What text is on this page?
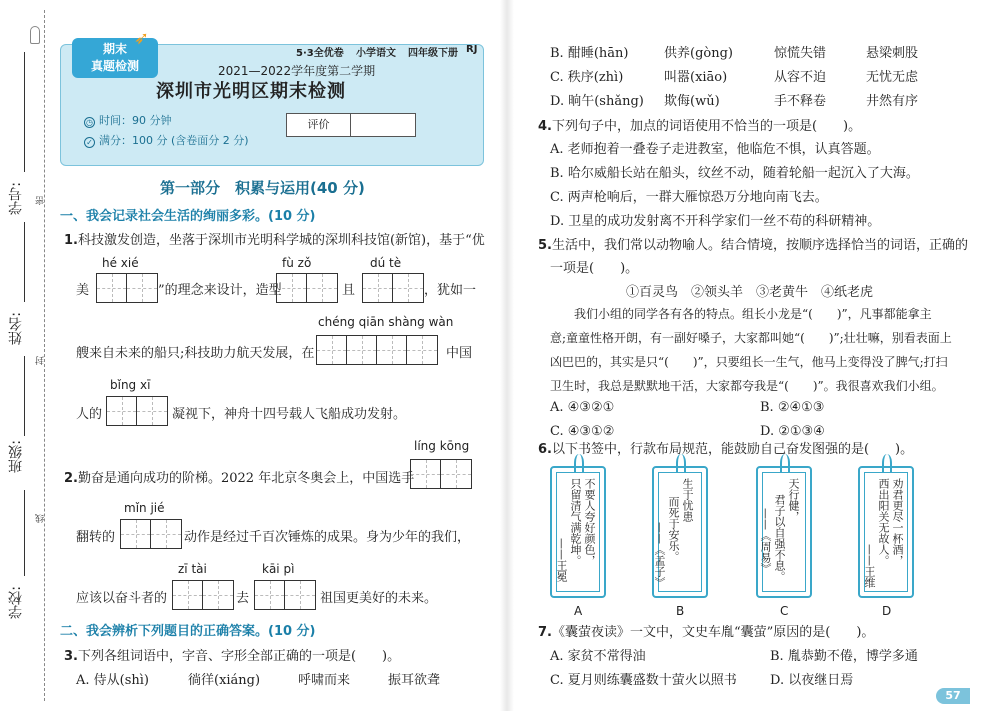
学号:
姓名:
班级:
学校:
密
封
线
期末
真题检测
➶
5·3全优卷 小学语文 四年级下册 RJ
2021—2022学年度第二学期
深圳市光明区期末检测
◷ 时间：90 分钟
✓ 满分：100 分 (含卷面分 2 分)
评价
第一部分　积累与运用(40 分)
一、我会记录社会生活的绚丽多彩。(10 分)
1.科技激发创造，坐落于深圳市光明科学城的深圳科技馆(新馆)，基于“优
hé xié	fù zǒ	dú tè
美	”的理念来设计，造型	且	，犹如一
chéng qiān shàng wàn
艘来自未来的船只;科技助力航天发展，在	中国
bǐng xī
人的	凝视下，神舟十四号载人飞船成功发射。
líng kōng
2.勤奋是通向成功的阶梯。2022 年北京冬奥会上，中国选手
mǐn jié
翻转的	动作是经过千百次锤炼的成果。身为少年的我们，
zī tài	kāi pì
应该以奋斗者的	去	祖国更美好的未来。
二、我会辨析下列题目的正确答案。(10 分)
3.下列各组词语中，字音、字形全部正确的一项是(　　)。
A. 侍从(shì)	徜徉(xiáng)	呼啸而来	振耳欲聋
B. 酣睡(hān)	供养(gòng)	惊慌失错	悬梁刺股
C. 秩序(zhì)	叫嚣(xiāo)	从容不迫	无忧无虑
D. 晌午(shǎng) 欺侮(wǔ)	手不释卷	井然有序
4.下列句子中，加点的词语使用不恰当的一项是(　　)。
A. 老师抱着一叠卷子走进教室，他临危不惧，认真答题。
B. 哈尔威船长站在船头，纹丝不动，随着轮船一起沉入了大海。
C. 两声枪响后，一群大雁惊恐万分地向南飞去。
D. 卫星的成功发射离不开科学家们一丝不苟的科研精神。
5.生活中，我们常以动物喻人。结合情境，按顺序选择恰当的词语，正确的
一项是(　　)。
①百灵鸟　②领头羊　③老黄牛　④纸老虎
我们小组的同学各有各的特点。组长小龙是“(　　)”，凡事都能拿主
意;童童性格开朗，有一副好嗓子，大家都叫她“(　　)”;壮壮嘛，别看表面上
凶巴巴的，其实是只“(　　)”，只要组长一生气，他马上变得没了脾气;打扫
卫生时，我总是默默地干活，大家都夸我是“(　　)”。我很喜欢我们小组。
A. ④③②①	B. ②④①③
C. ④③①②	D. ②①③④
6.以下书签中，行款布局规范，能鼓励自己奋发图强的是(　　)。
不要人夸好颜色，
只留清气满乾坤。
——王冕
A
生于忧患
而死于安乐。
——《孟子》
B
天行健，
君子以自强不息。
——《周易》
C
劝君更尽一杯酒，
西出阳关无故人。
——王维
D
7.《囊萤夜读》一文中，文史车胤“囊萤”原因的是(　　)。
A. 家贫不常得油	B. 胤恭勤不倦，博学多通
C. 夏月则练囊盛数十萤火以照书	D. 以夜继日焉
57
